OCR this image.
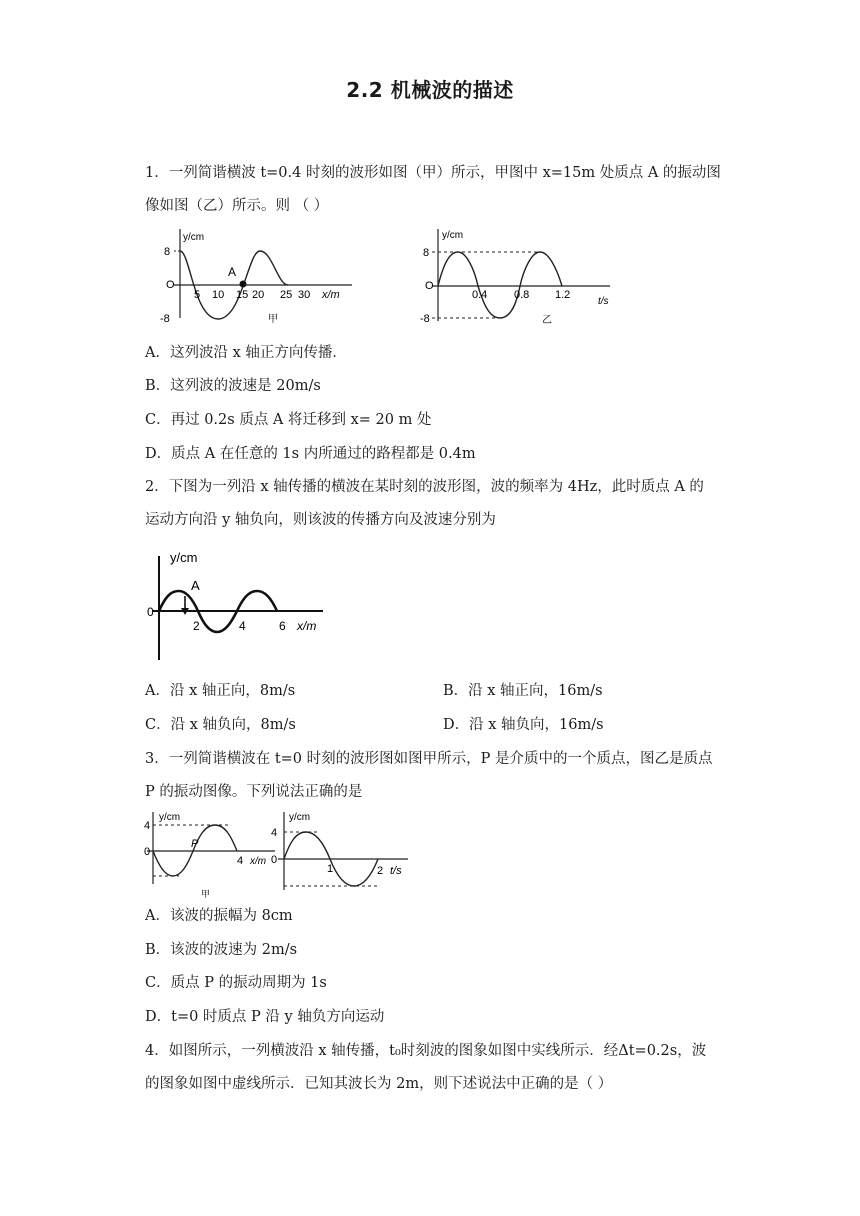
2.2 机械波的描述
1．一列简谐横波 t=0.4 时刻的波形如图（甲）所示，甲图中 x=15m 处质点 A 的振动图
像如图（乙）所示。则 （ ）
y/cm
8
O
-8
5 10 15 20 25 30 x/m
A
甲
y/cm
8
O
-8
0.4 0.8 1.2
t/s
乙
A．这列波沿 x 轴正方向传播．
B．这列波的波速是 20m/s
C．再过 0.2s 质点 A 将迁移到 x= 20 m 处
D．质点 A 在任意的 1s 内所通过的路程都是 0.4m
2．下图为一列沿 x 轴传播的横波在某时刻的波形图，波的频率为 4Hz，此时质点 A 的
运动方向沿 y 轴负向，则该波的传播方向及波速分别为
y/cm
0
A
2	4	6 x/m
A．沿 x 轴正向，8m/s	B．沿 x 轴正向，16m/s
C．沿 x 轴负向，8m/s	D．沿 x 轴负向，16m/s
3．一列简谐横波在 t=0 时刻的波形图如图甲所示，P 是介质中的一个质点，图乙是质点
P 的振动图像。下列说法正确的是
y/cm
4
0
P
4 x/m
甲
y/cm
4
0
1	2 t/s
A．该波的振幅为 8cm
B．该波的波速为 2m/s
C．质点 P 的振动周期为 1s
D．t=0 时质点 P 沿 y 轴负方向运动
4．如图所示，一列横波沿 x 轴传播，t₀时刻波的图象如图中实线所示．经Δt=0.2s，波
的图象如图中虚线所示．已知其波长为 2m，则下述说法中正确的是（ ）
